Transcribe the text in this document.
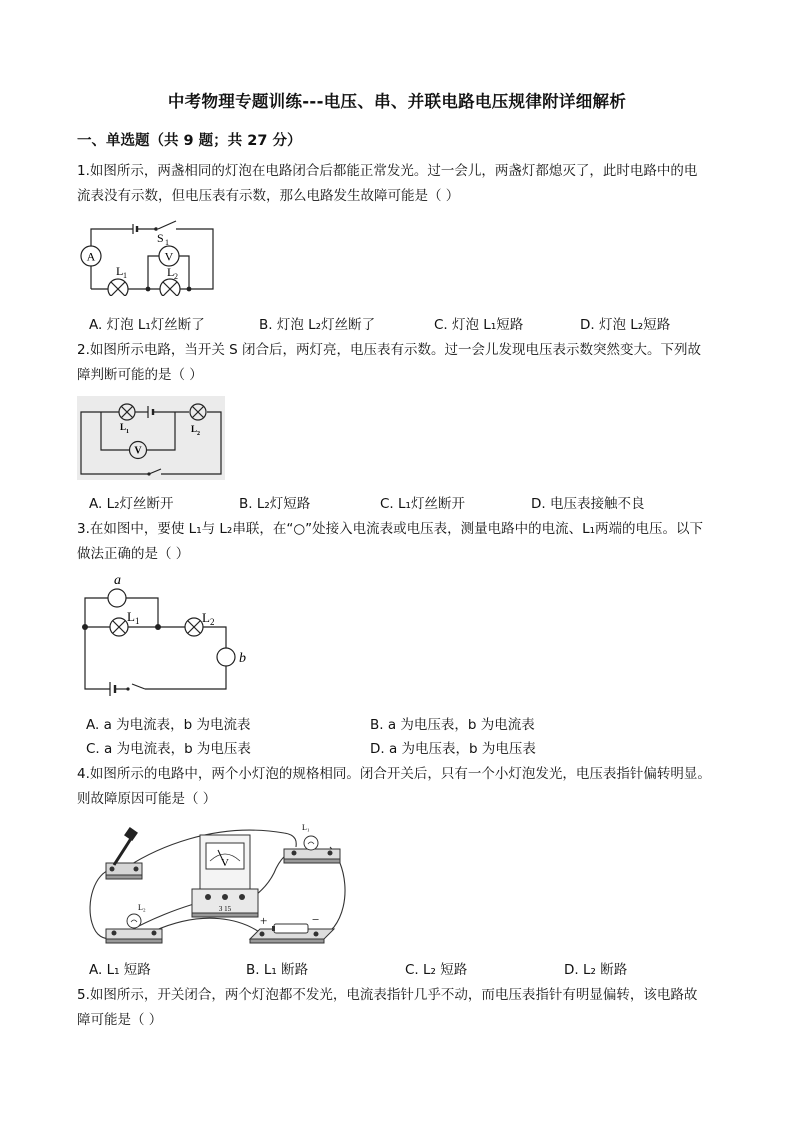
中考物理专题训练---电压、串、并联电路电压规律附详细解析
一、单选题（共 9 题；共 27 分）
1.如图所示，两盏相同的灯泡在电路闭合后都能正常发光。过一会儿，两盏灯都熄灭了，此时电路中的电
流表没有示数，但电压表有示数，那么电路发生故障可能是（ ）
A	V
S 1
L 1	L 2
A. 灯泡 L₁灯丝断了	B. 灯泡 L₂灯丝断了	C. 灯泡 L₁短路	D. 灯泡 L₂短路
2.如图所示电路，当开关 S 闭合后，两灯亮，电压表有示数。过一会儿发现电压表示数突然变大。下列故
障判断可能的是（ ）
V
L 1	L 2
A. L₂灯丝断开	B. L₂灯短路	C. L₁灯丝断开	D. 电压表接触不良
3.在如图中，要使 L₁与 L₂串联，在“○”处接入电流表或电压表，测量电路中的电流、L₁两端的电压。以下
做法正确的是（ ）
a
b
L 1	L 2
A. a 为电流表，b 为电流表	B. a 为电压表，b 为电流表
C. a 为电流表，b 为电压表	D. a 为电压表，b 为电压表
4.如图所示的电路中，两个小灯泡的规格相同。闭合开关后，只有一个小灯泡发光，电压表指针偏转明显。
则故障原因可能是（ ）
V
3 15
L₁
L₂
+	−
A. L₁ 短路	B. L₁ 断路	C. L₂ 短路	D. L₂ 断路
5.如图所示，开关闭合，两个灯泡都不发光，电流表指针几乎不动，而电压表指针有明显偏转，该电路故
障可能是（ ）
